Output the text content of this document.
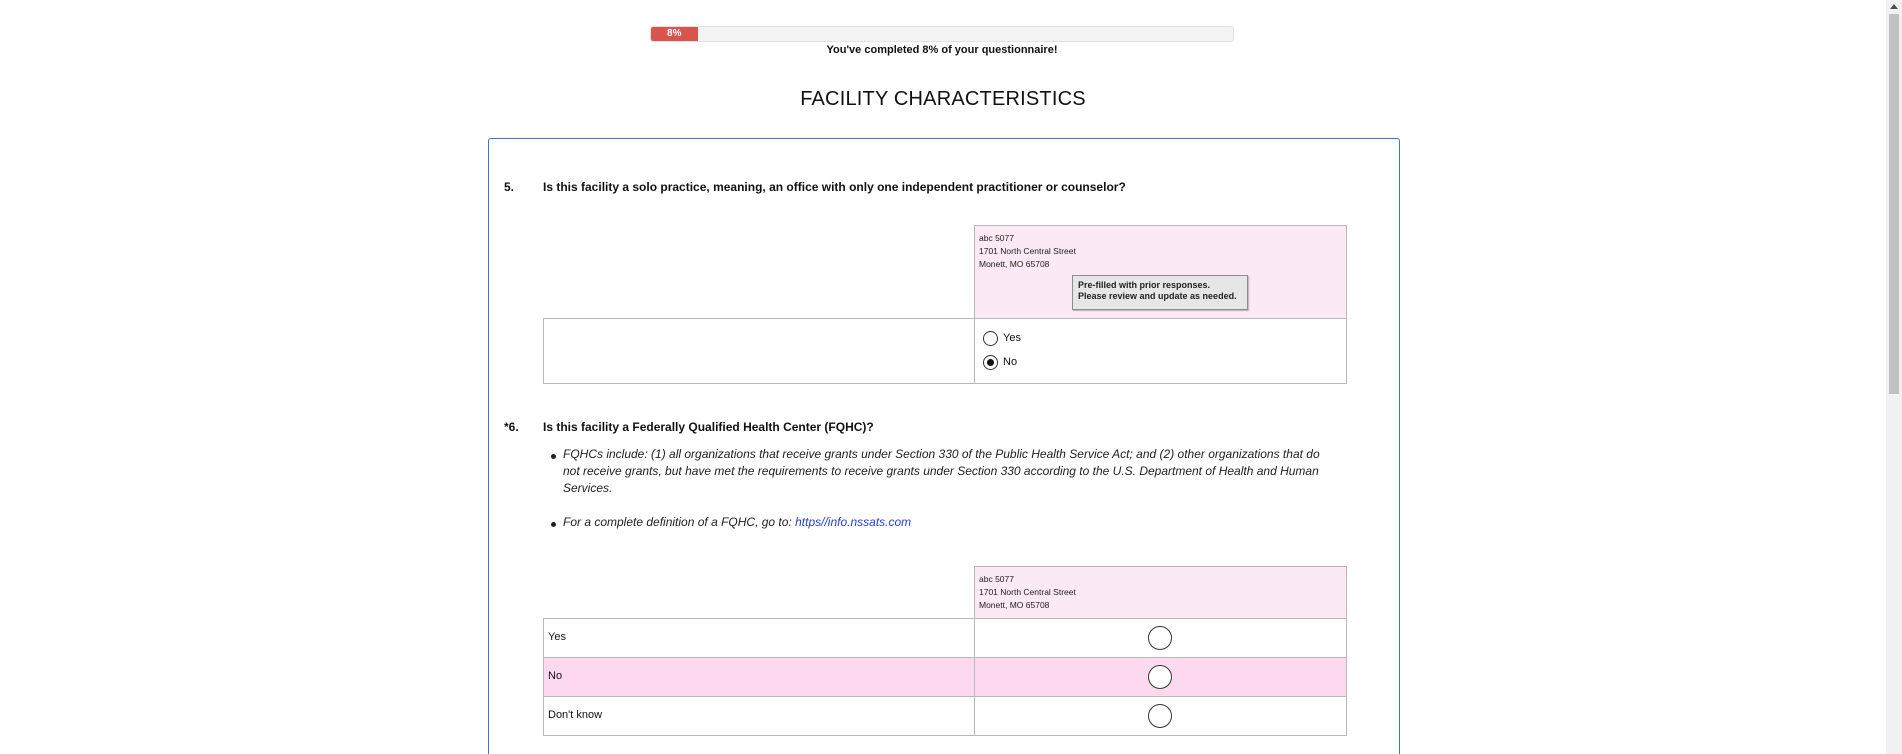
8%
You've completed 8% of your questionnaire!
FACILITY CHARACTERISTICS
5. Is this facility a solo practice, meaning, an office with only one independent practitioner or counselor?
abc 5077
1701 North Central Street
Monett, MO 65708
Pre-filled with prior responses.
Please review and update as needed.
Yes
No
*6. Is this facility a Federally Qualified Health Center (FQHC)?
FQHCs include: (1) all organizations that receive grants under Section 330 of the Public Health Service Act; and (2) other organizations that do
not receive grants, but have met the requirements to receive grants under Section 330 according to the U.S. Department of Health and Human
Services.
For a complete definition of a FQHC, go to: https//info.nssats.com
abc 5077
1701 North Central Street
Monett, MO 65708
Yes
No
Don't know
